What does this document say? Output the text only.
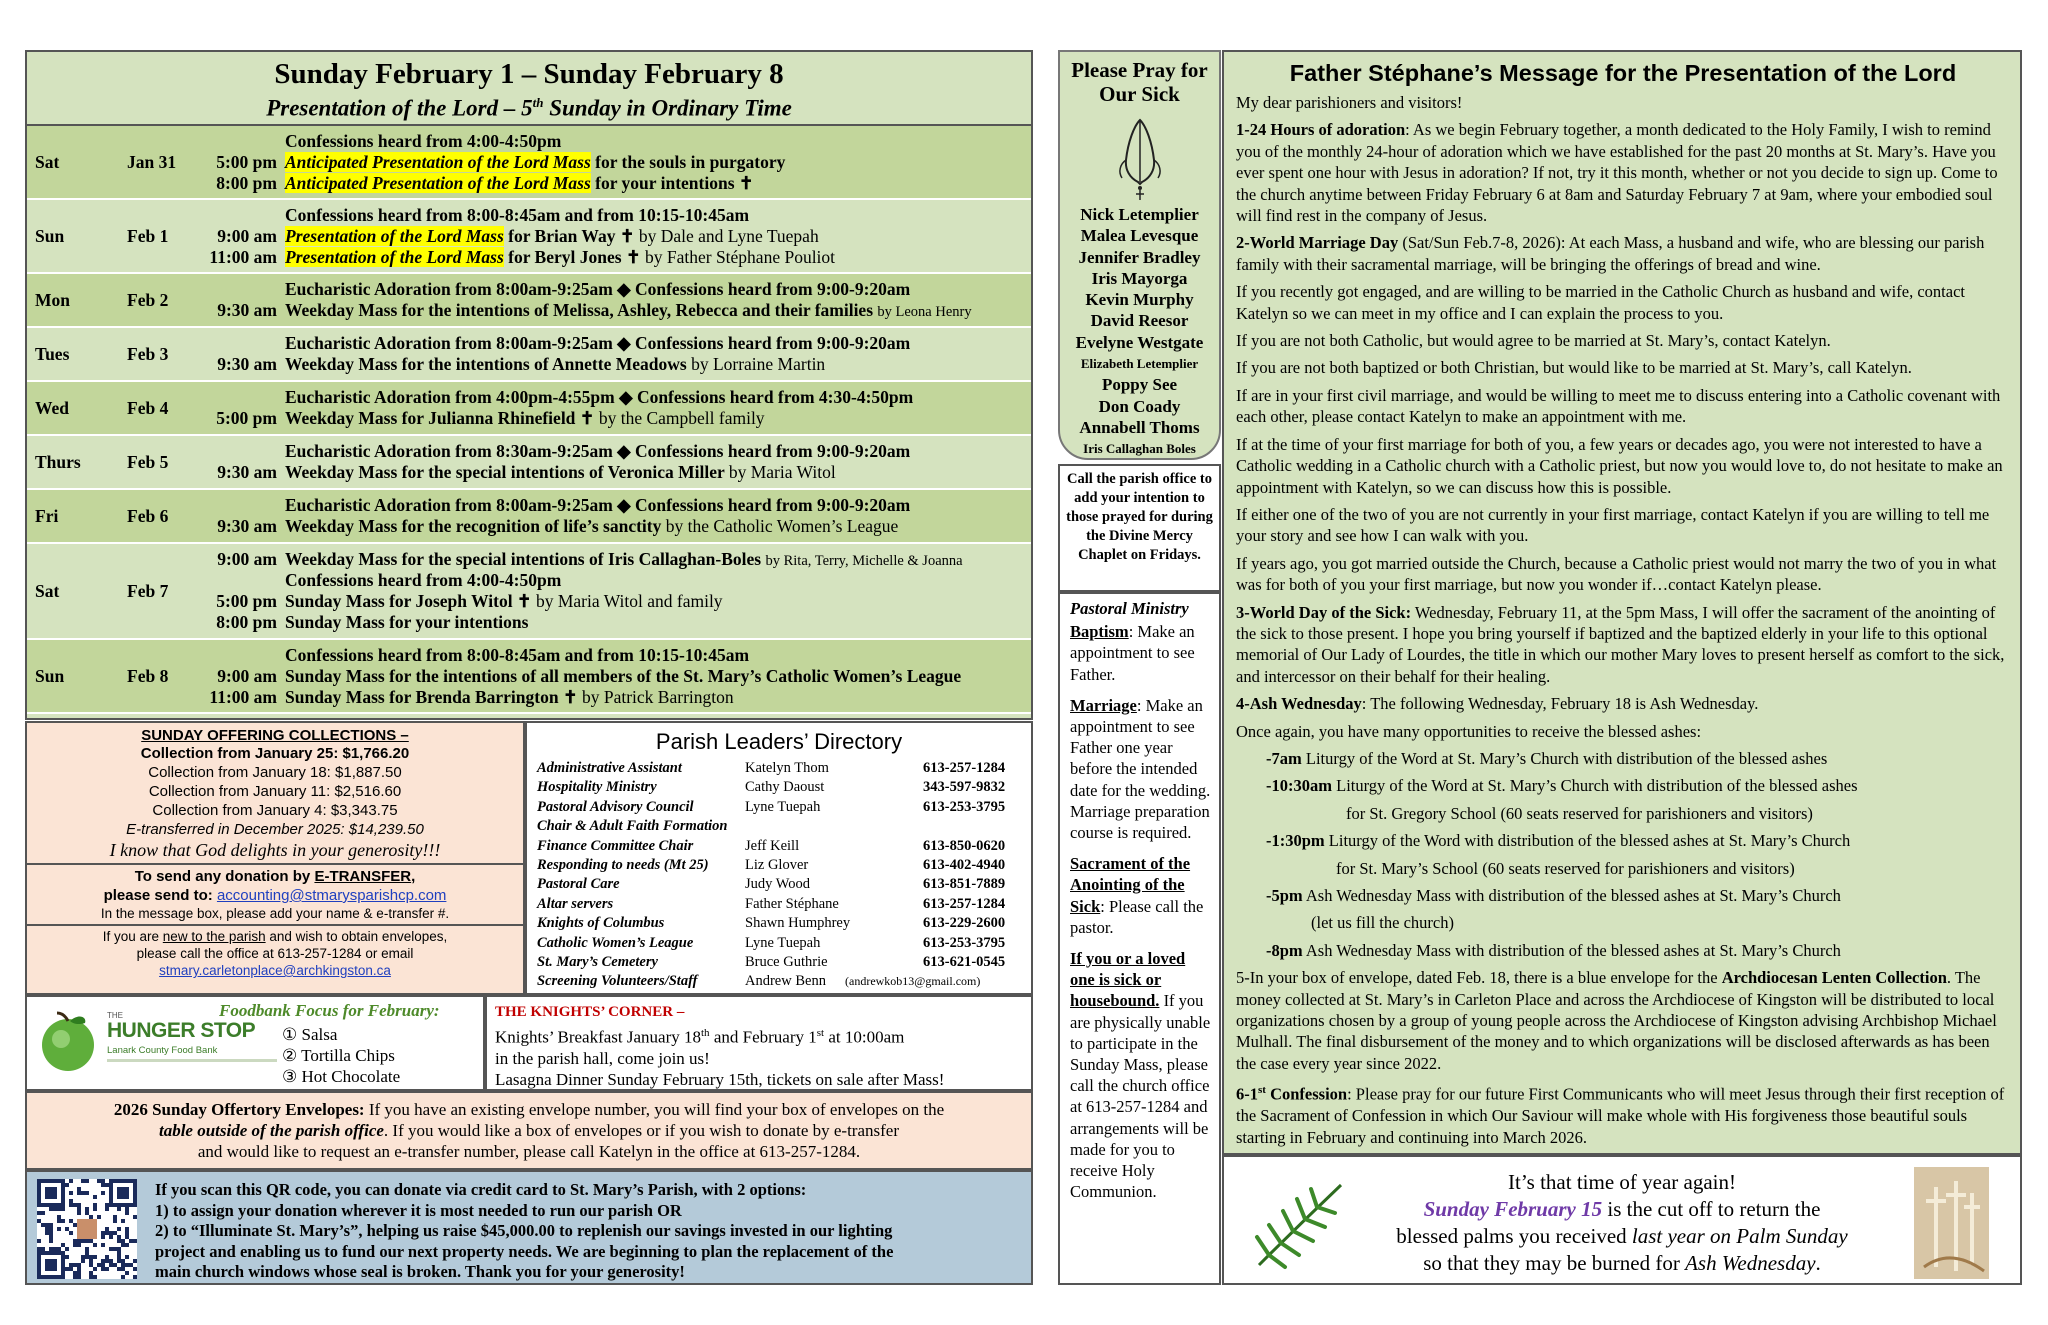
Sunday February 1 – Sunday February 8
Presentation of the Lord – 5th Sunday in Ordinary Time
Sat	Jan 31
Confessions heard from 4:00-4:50pm
5:00 pm Anticipated Presentation of the Lord Mass for the souls in purgatory
8:00 pm Anticipated Presentation of the Lord Mass for your intentions ✝
Sun	Feb 1
Confessions heard from 8:00-8:45am and from 10:15-10:45am
9:00 am Presentation of the Lord Mass for Brian Way ✝ by Dale and Lyne Tuepah
11:00 am Presentation of the Lord Mass for Beryl Jones ✝ by Father Stéphane Pouliot
Mon	Feb 2
Eucharistic Adoration from 8:00am-9:25am ◆ Confessions heard from 9:00-9:20am
9:30 am Weekday Mass for the intentions of Melissa, Ashley, Rebecca and their families by Leona Henry
Tues	Feb 3
Eucharistic Adoration from 8:00am-9:25am ◆ Confessions heard from 9:00-9:20am
9:30 am Weekday Mass for the intentions of Annette Meadows by Lorraine Martin
Wed	Feb 4
Eucharistic Adoration from 4:00pm-4:55pm ◆ Confessions heard from 4:30-4:50pm
5:00 pm Weekday Mass for Julianna Rhinefield ✝ by the Campbell family
Thurs	Feb 5
Eucharistic Adoration from 8:30am-9:25am ◆ Confessions heard from 9:00-9:20am
9:30 am Weekday Mass for the special intentions of Veronica Miller by Maria Witol
Fri	Feb 6
Eucharistic Adoration from 8:00am-9:25am ◆ Confessions heard from 9:00-9:20am
9:30 am Weekday Mass for the recognition of life’s sanctity by the Catholic Women’s League
Sat	Feb 7
9:00 am Weekday Mass for the special intentions of Iris Callaghan-Boles by Rita, Terry, Michelle & Joanna
Confessions heard from 4:00-4:50pm
5:00 pm Sunday Mass for Joseph Witol ✝ by Maria Witol and family
8:00 pm Sunday Mass for your intentions
Sun	Feb 8
Confessions heard from 8:00-8:45am and from 10:15-10:45am
9:00 am Sunday Mass for the intentions of all members of the St. Mary’s Catholic Women’s League
11:00 am Sunday Mass for Brenda Barrington ✝ by Patrick Barrington
SUNDAY OFFERING COLLECTIONS –
Collection from January 25: $1,766.20
Collection from January 18: $1,887.50
Collection from January 11: $2,516.60
Collection from January 4: $3,343.75
E-transferred in December 2025: $14,239.50
I know that God delights in your generosity!!!
To send any donation by E-TRANSFER,
please send to: accounting@stmarysparishcp.com
In the message box, please add your name & e-transfer #.
If you are new to the parish and wish to obtain envelopes,
please call the office at 613-257-1284 or email
stmary.carletonplace@archkingston.ca
Parish Leaders’ Directory
Administrative Assistant	Katelyn Thom	613-257-1284
Hospitality Ministry	Cathy Daoust	343-597-9832
Pastoral Advisory Council	Lyne Tuepah	613-253-3795
Chair & Adult Faith Formation
Finance Committee Chair	Jeff Keill	613-850-0620
Responding to needs (Mt 25)	Liz Glover	613-402-4940
Pastoral Care	Judy Wood	613-851-7889
Altar servers	Father Stéphane	613-257-1284
Knights of Columbus	Shawn Humphrey	613-229-2600
Catholic Women’s League	Lyne Tuepah	613-253-3795
St. Mary’s Cemetery	Bruce Guthrie	613-621-0545
Screening Volunteers/Staff	Andrew Benn (andrewkob13@gmail.com)
THE
HUNGER STOP
Lanark County Food Bank
Foodbank Focus for February:
① Salsa
② Tortilla Chips
③ Hot Chocolate
THE KNIGHTS’ CORNER –
Knights’ Breakfast January 18th and February 1st at 10:00am
in the parish hall, come join us!
Lasagna Dinner Sunday February 15th, tickets on sale after Mass!
2026 Sunday Offertory Envelopes: If you have an existing envelope number, you will find your box of envelopes on the
table outside of the parish office. If you would like a box of envelopes or if you wish to donate by e-transfer
and would like to request an e-transfer number, please call Katelyn in the office at 613-257-1284.
If you scan this QR code, you can donate via credit card to St. Mary’s Parish, with 2 options:
1) to assign your donation wherever it is most needed to run our parish OR
2) to “Illuminate St. Mary’s”, helping us raise $45,000.00 to replenish our savings invested in our lighting
project and enabling us to fund our next property needs. We are beginning to plan the replacement of the
main church windows whose seal is broken. Thank you for your generosity!
Please Pray for Our Sick
Nick Letemplier
Malea Levesque
Jennifer Bradley
Iris Mayorga
Kevin Murphy
David Reesor
Evelyne Westgate
Elizabeth Letemplier
Poppy See
Don Coady
Annabell Thoms
Iris Callaghan Boles
Call the parish office to add your intention to those prayed for during the Divine Mercy Chaplet on Fridays.

Pastoral Ministry

Baptism: Make an appointment to see Father.

Marriage: Make an appointment to see Father one year before the intended date for the wedding. Marriage preparation course is required.

Sacrament of the Anointing of the Sick: Please call the pastor.

If you or a loved one is sick or housebound. If you are physically unable to participate in the Sunday Mass, please call the church office at 613-257-1284 and arrangements will be made for you to receive Holy Communion.

Father Stéphane’s Message for the Presentation of the Lord

My dear parishioners and visitors!

1-24 Hours of adoration: As we begin February together, a month dedicated to the Holy Family, I wish to remind you of the monthly 24-hour of adoration which we have established for the past 20 months at St. Mary’s. Have you ever spent one hour with Jesus in adoration? If not, try it this month, whether or not you decide to sign up. Come to the church anytime between Friday February 6 at 8am and Saturday February 7 at 9am, where your embodied soul will find rest in the company of Jesus.

2-World Marriage Day (Sat/Sun Feb.7-8, 2026): At each Mass, a husband and wife, who are blessing our parish family with their sacramental marriage, will be bringing the offerings of bread and wine.

If you recently got engaged, and are willing to be married in the Catholic Church as husband and wife, contact Katelyn so we can meet in my office and I can explain the process to you.

If you are not both Catholic, but would agree to be married at St. Mary’s, contact Katelyn.

If you are not both baptized or both Christian, but would like to be married at St. Mary’s, call Katelyn.

If are in your first civil marriage, and would be willing to meet me to discuss entering into a Catholic covenant with each other, please contact Katelyn to make an appointment with me.

If at the time of your first marriage for both of you, a few years or decades ago, you were not interested to have a Catholic wedding in a Catholic church with a Catholic priest, but now you would love to, do not hesitate to make an appointment with Katelyn, so we can discuss how this is possible.

If either one of the two of you are not currently in your first marriage, contact Katelyn if you are willing to tell me your story and see how I can walk with you.

If years ago, you got married outside the Church, because a Catholic priest would not marry the two of you in what was for both of you your first marriage, but now you wonder if…contact Katelyn please.

3-World Day of the Sick: Wednesday, February 11, at the 5pm Mass, I will offer the sacrament of the anointing of the sick to those present. I hope you bring yourself if baptized and the baptized elderly in your life to this optional memorial of Our Lady of Lourdes, the title in which our mother Mary loves to present herself as comfort to the sick, and intercessor on their behalf for their healing.

4-Ash Wednesday: The following Wednesday, February 18 is Ash Wednesday.

Once again, you have many opportunities to receive the blessed ashes:

-7am Liturgy of the Word at St. Mary’s Church with distribution of the blessed ashes
-10:30am Liturgy of the Word at St. Mary’s Church with distribution of the blessed ashes
for St. Gregory School (60 seats reserved for parishioners and visitors)
-1:30pm Liturgy of the Word with distribution of the blessed ashes at St. Mary’s Church
for St. Mary’s School (60 seats reserved for parishioners and visitors)
-5pm Ash Wednesday Mass with distribution of the blessed ashes at St. Mary’s Church
(let us fill the church)
-8pm Ash Wednesday Mass with distribution of the blessed ashes at St. Mary’s Church

5-In your box of envelope, dated Feb. 18, there is a blue envelope for the Archdiocesan Lenten Collection. The money collected at St. Mary’s in Carleton Place and across the Archdiocese of Kingston will be distributed to local organizations chosen by a group of young people across the Archdiocese of Kingston advising Archbishop Michael Mulhall. The final disbursement of the money and to which organizations will be disclosed afterwards as has been the case every year since 2022.

6-1st Confession: Please pray for our future First Communicants who will meet Jesus through their first reception of the Sacrament of Confession in which Our Saviour will make whole with His forgiveness those beautiful souls starting in February and continuing into March 2026.

It’s that time of year again!
Sunday February 15 is the cut off to return the
blessed palms you received last year on Palm Sunday
so that they may be burned for Ash Wednesday.
